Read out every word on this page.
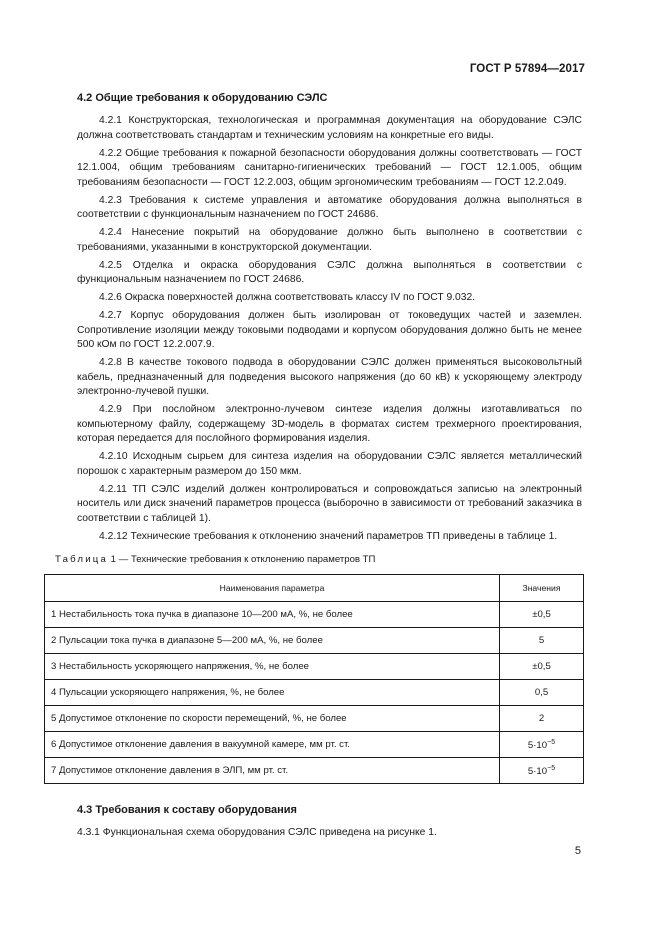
ГОСТ Р 57894—2017
4.2 Общие требования к оборудованию СЭЛС

4.2.1 Конструкторская, технологическая и программная документация на оборудование СЭЛС должна соответствовать стандартам и техническим условиям на конкретные его виды.

4.2.2 Общие требования к пожарной безопасности оборудования должны соответствовать — ГОСТ 12.1.004, общим требованиям санитарно-гигиенических требований — ГОСТ 12.1.005, общим требованиям безопасности — ГОСТ 12.2.003, общим эргономическим требованиям — ГОСТ 12.2.049.

4.2.3 Требования к системе управления и автоматике оборудования должна выполняться в соответствии с функциональным назначением по ГОСТ 24686.

4.2.4 Нанесение покрытий на оборудование должно быть выполнено в соответствии с требованиями, указанными в конструкторской документации.

4.2.5 Отделка и окраска оборудования СЭЛС должна выполняться в соответствии с функциональным назначением по ГОСТ 24686.

4.2.6 Окраска поверхностей должна соответствовать классу IV по ГОСТ 9.032.

4.2.7 Корпус оборудования должен быть изолирован от токоведущих частей и заземлен. Сопротивление изоляции между токовыми подводами и корпусом оборудования должно быть не менее 500 кОм по ГОСТ 12.2.007.9.

4.2.8 В качестве токового подвода в оборудовании СЭЛС должен применяться высоковольтный кабель, предназначенный для подведения высокого напряжения (до 60 кВ) к ускоряющему электроду электронно-лучевой пушки.

4.2.9 При послойном электронно-лучевом синтезе изделия должны изготавливаться по компьютерному файлу, содержащему 3D-модель в форматах систем трехмерного проектирования, которая передается для послойного формирования изделия.

4.2.10 Исходным сырьем для синтеза изделия на оборудовании СЭЛС является металлический порошок с характерным размером до 150 мкм.

4.2.11 ТП СЭЛС изделий должен контролироваться и сопровождаться записью на электронный носитель или диск значений параметров процесса (выборочно в зависимости от требований заказчика в соответствии с таблицей 1).

4.2.12 Технические требования к отклонению значений параметров ТП приведены в таблице 1.

Таблица 1 — Технические требования к отклонению параметров ТП
Наименования параметра	Значения
1 Нестабильность тока пучка в диапазоне 10—200 мА, %, не более	±0,5
2 Пульсации тока пучка в диапазоне 5—200 мА, %, не более	5
3 Нестабильность ускоряющего напряжения, %, не более	±0,5
4 Пульсации ускоряющего напряжения, %, не более	0,5
5 Допустимое отклонение по скорости перемещений, %, не более	2
6 Допустимое отклонение давления в вакуумной камере, мм рт. ст.	$5\cdot 10^{-5}$
7 Допустимое отклонение давления в ЭЛП, мм рт. ст.	$5\cdot 10^{-5}$
4.3 Требования к составу оборудования

4.3.1 Функциональная схема оборудования СЭЛС приведена на рисунке 1.

5
